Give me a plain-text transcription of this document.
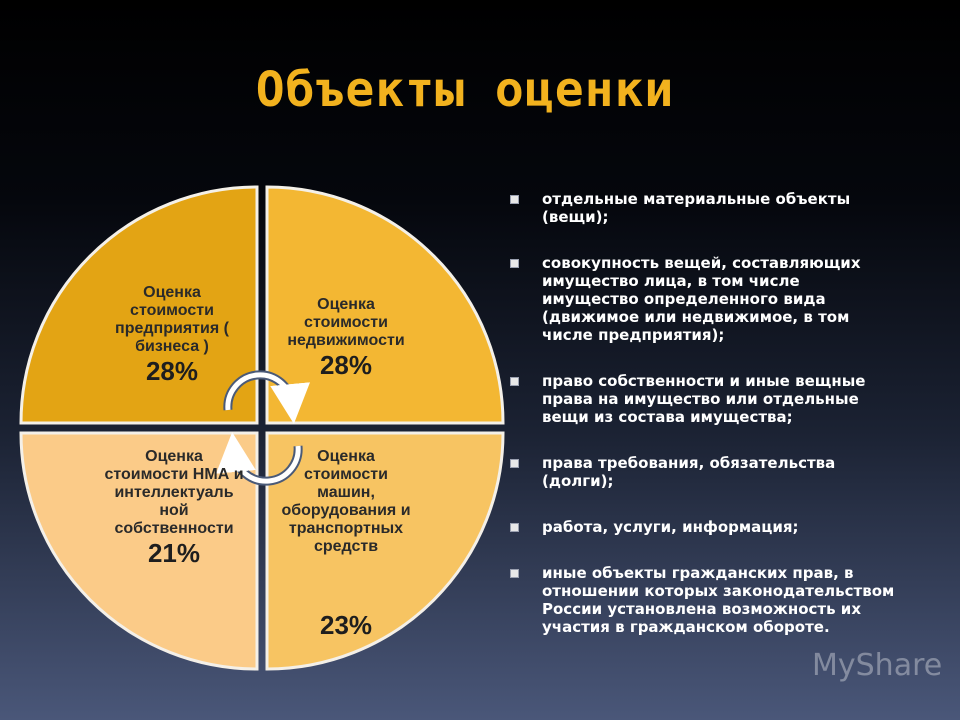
Объекты оценки
Оценка стоимости предприятия ( бизнеса )
28%
Оценка стоимости недвижимости
28%
Оценка стоимости машин, оборудования и транспортных средств
23%
Оценка стоимости НМА и интеллектуаль ной собственности
21%
отдельные материальные объекты (вещи);
совокупность вещей, составляющих имущество лица, в том числе имущество определенного вида (движимое или недвижимое, в том числе предприятия);
право собственности и иные вещные права на имущество или отдельные вещи из состава имущества;
права требования, обязательства (долги);
работа, услуги, информация;
иные объекты гражданских прав, в отношении которых законодательством России установлена возможность их участия в гражданском обороте.
MyShare
